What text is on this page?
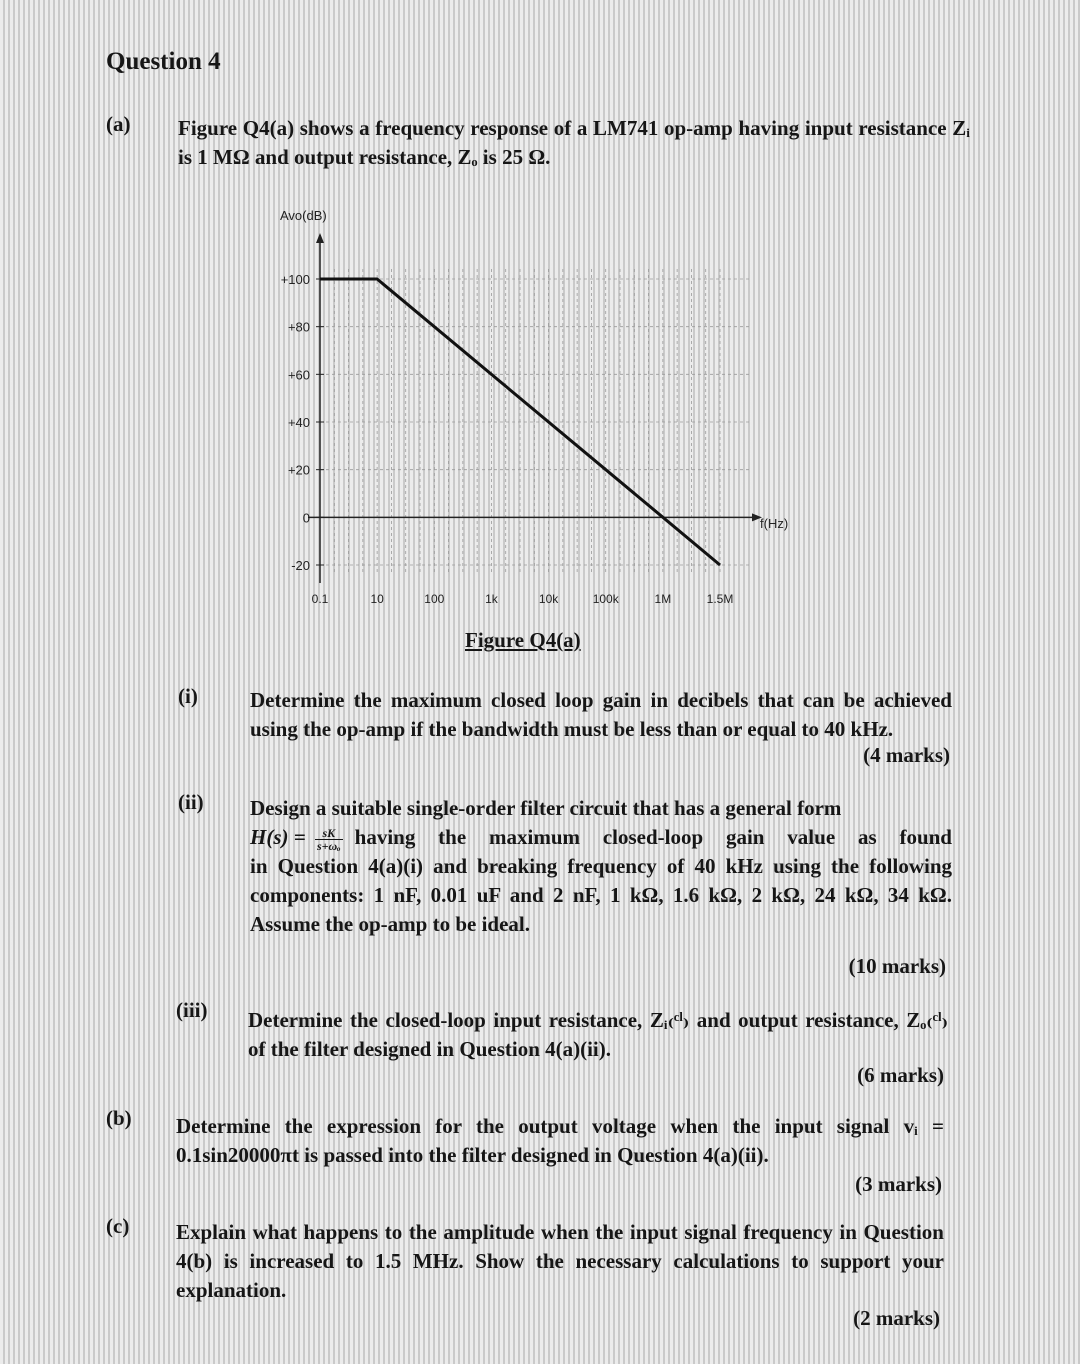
Question 4
(a) Figure Q4(a) shows a frequency response of a LM741 op-amp having input resistance Zᵢ is 1 MΩ and output resistance, Zₒ is 25 Ω.
+100
+80
+60
+40
+20
0
-20
0.1	10	100	1k	10k	100k	1M	1.5M
Avo(dB)
f(Hz)
Figure Q4(a)
(i) Determine the maximum closed loop gain in decibels that can be achieved using the op-amp if the bandwidth must be less than or equal to 40 kHz.
(4 marks)
(ii) Design a suitable single-order filter circuit that has a general form
$H(s) = \frac{sK}{\text{s+ωₒ}}$ having the maximum closed-loop gain value as found
in Question 4(a)(i) and breaking frequency of 40 kHz using the following components: 1 nF, 0.01 uF and 2 nF, 1 kΩ, 1.6 kΩ, 2 kΩ, 24 kΩ, 34 kΩ. Assume the op-amp to be ideal.
(10 marks)
(iii) Determine the closed-loop input resistance, Zᵢ₍ᶜˡ₎ and output resistance, Zₒ₍ᶜˡ₎ of the filter designed in Question 4(a)(ii).
(6 marks)
(b) Determine the expression for the output voltage when the input signal vᵢ = 0.1sin20000πt is passed into the filter designed in Question 4(a)(ii).
(3 marks)
(c) Explain what happens to the amplitude when the input signal frequency in Question 4(b) is increased to 1.5 MHz. Show the necessary calculations to support your explanation.
(2 marks)
